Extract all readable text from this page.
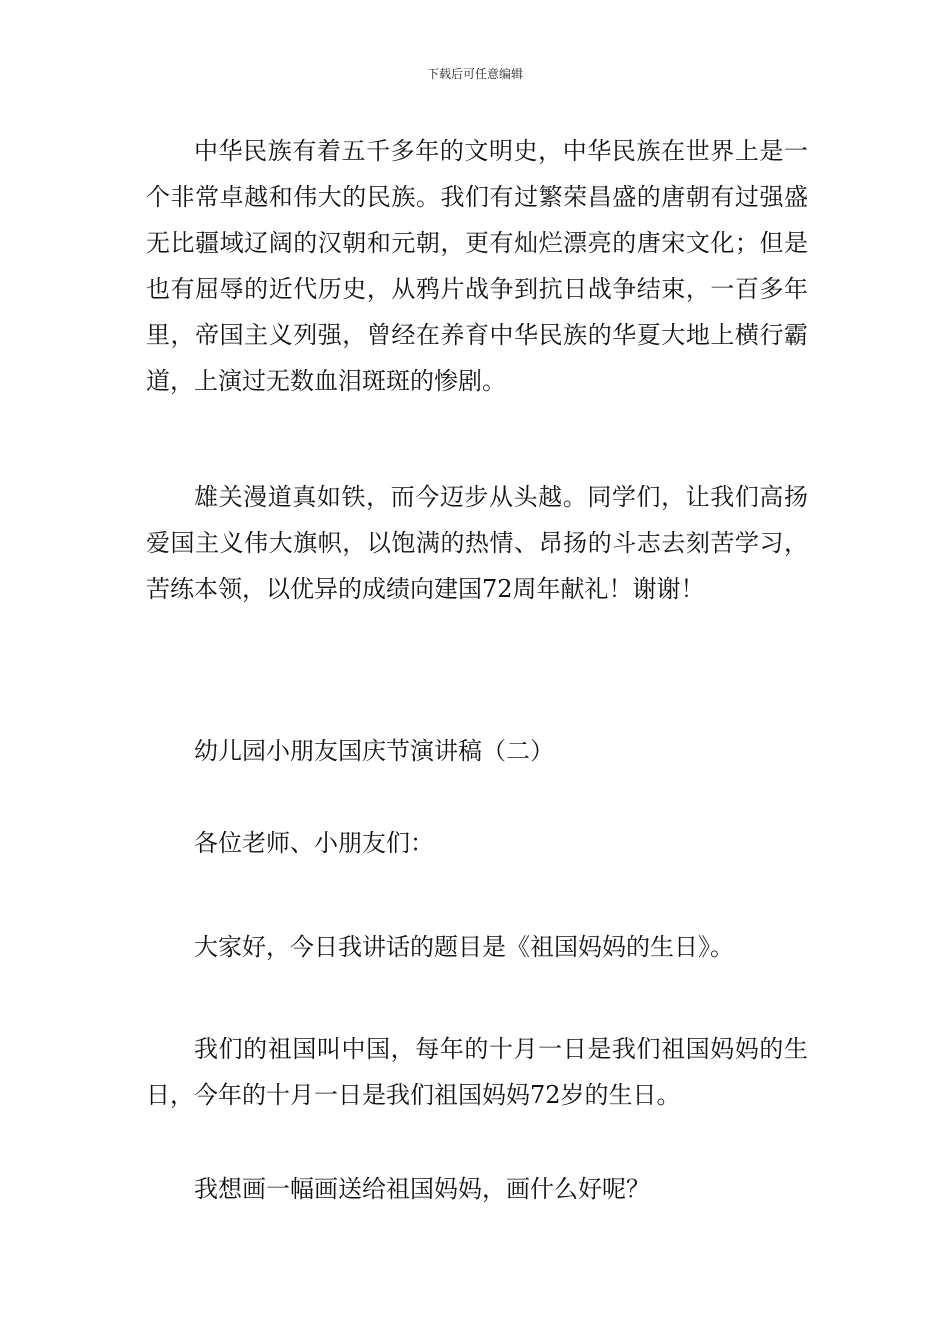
下载后可任意编辑

中华民族有着五千多年的文明史，中华民族在世界上是一个非常卓越和伟大的民族。我们有过繁荣昌盛的唐朝有过强盛无比疆域辽阔的汉朝和元朝，更有灿烂漂亮的唐宋文化；但是也有屈辱的近代历史，从鸦片战争到抗日战争结束，一百多年里，帝国主义列强，曾经在养育中华民族的华夏大地上横行霸道，上演过无数血泪斑斑的惨剧。

雄关漫道真如铁，而今迈步从头越。同学们，让我们高扬爱国主义伟大旗帜，以饱满的热情、昂扬的斗志去刻苦学习，苦练本领，以优异的成绩向建国72周年献礼！谢谢！

幼儿园小朋友国庆节演讲稿（二）

各位老师、小朋友们：

大家好，今日我讲话的题目是《祖国妈妈的生日》。

我们的祖国叫中国，每年的十月一日是我们祖国妈妈的生日，今年的十月一日是我们祖国妈妈72岁的生日。

我想画一幅画送给祖国妈妈，画什么好呢？
